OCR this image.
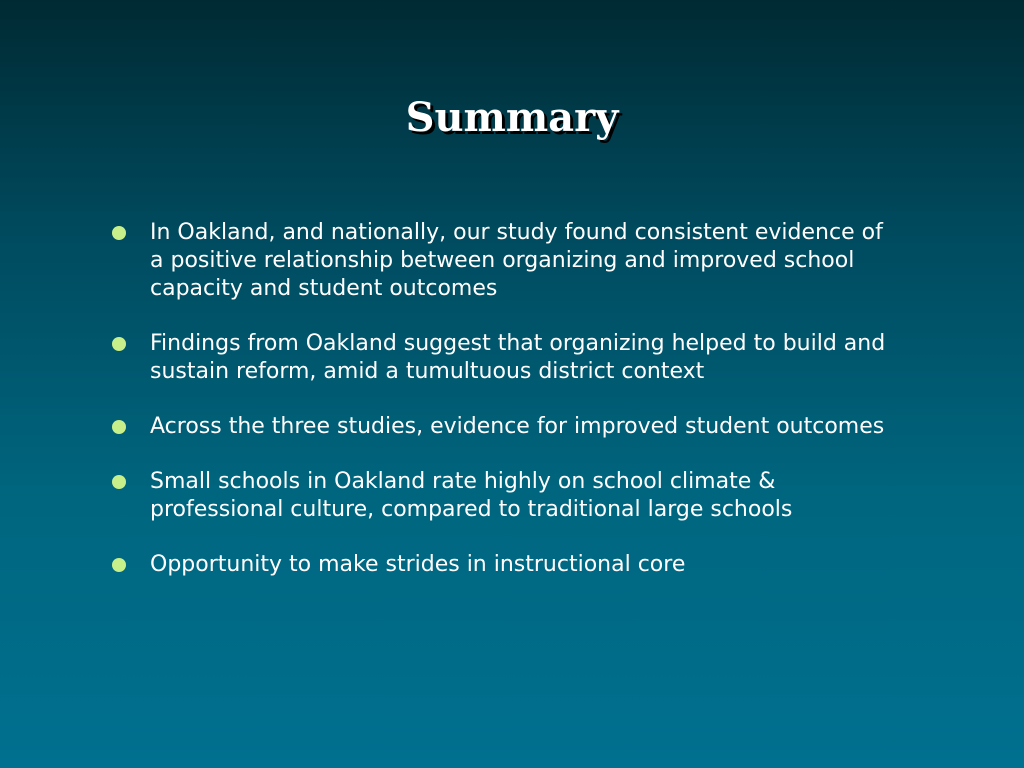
Summary
In Oakland, and nationally, our study found consistent evidence of a positive relationship between organizing and improved school capacity and student outcomes
Findings from Oakland suggest that organizing helped to build and sustain reform, amid a tumultuous district context
Across the three studies, evidence for improved student outcomes
Small schools in Oakland rate highly on school climate & professional culture, compared to traditional large schools
Opportunity to make strides in instructional core
